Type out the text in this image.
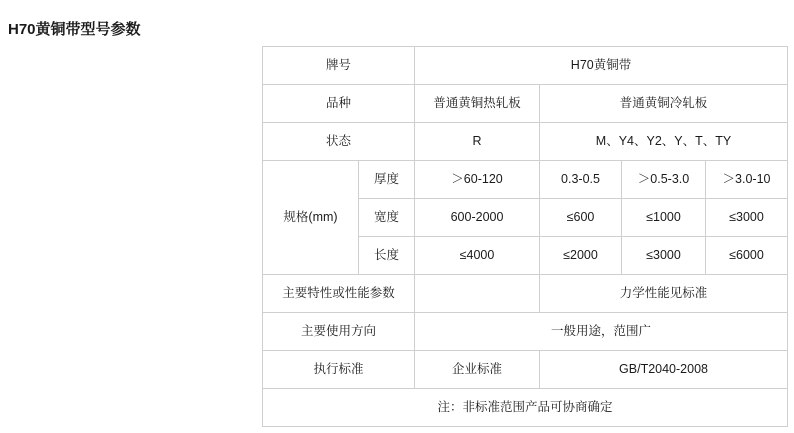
H70黄铜带型号参数
牌号		H70黄铜带			
品种		普通黄铜热轧板	普通黄铜冷轧板		
状态		R	M、Y4、Y2、Y、T、TY		
规格(mm)	厚度	＞60-120	0.3-0.5	＞0.5-3.0	＞3.0-10
	宽度	600-2000	≤600	≤1000	≤3000
	长度	≤4000	≤2000	≤3000	≤6000
主要特性或性能参数			力学性能见标准		
主要使用方向		一般用途，范围广			
执行标准		企业标准	GB/T2040-2008		
注：非标准范围产品可协商确定					
